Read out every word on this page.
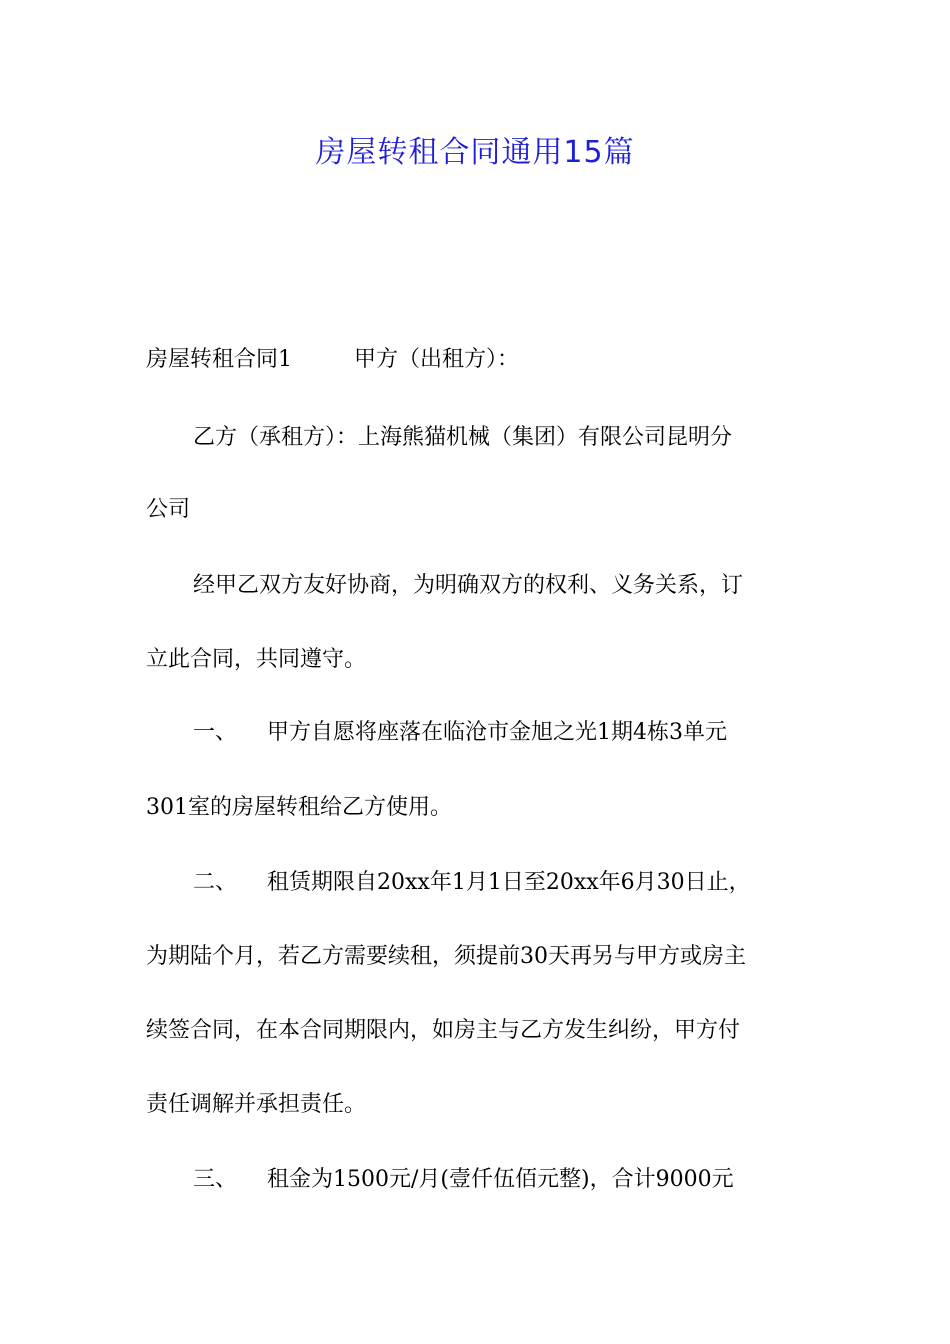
房屋转租合同通用15篇
房屋转租合同1	甲方（出租方）：
乙方（承租方）：上海熊猫机械（集团）有限公司昆明分
公司
经甲乙双方友好协商，为明确双方的权利、义务关系，订
立此合同，共同遵守。
一、 甲方自愿将座落在临沧市金旭之光1期4栋3单元
301室的房屋转租给乙方使用。
二、 租赁期限自20xx年1月1日至20xx年6月30日止，
为期陆个月，若乙方需要续租，须提前30天再另与甲方或房主
续签合同，在本合同期限内，如房主与乙方发生纠纷，甲方付
责任调解并承担责任。
三、 租金为1500元/月(壹仟伍佰元整)，合计9000元
